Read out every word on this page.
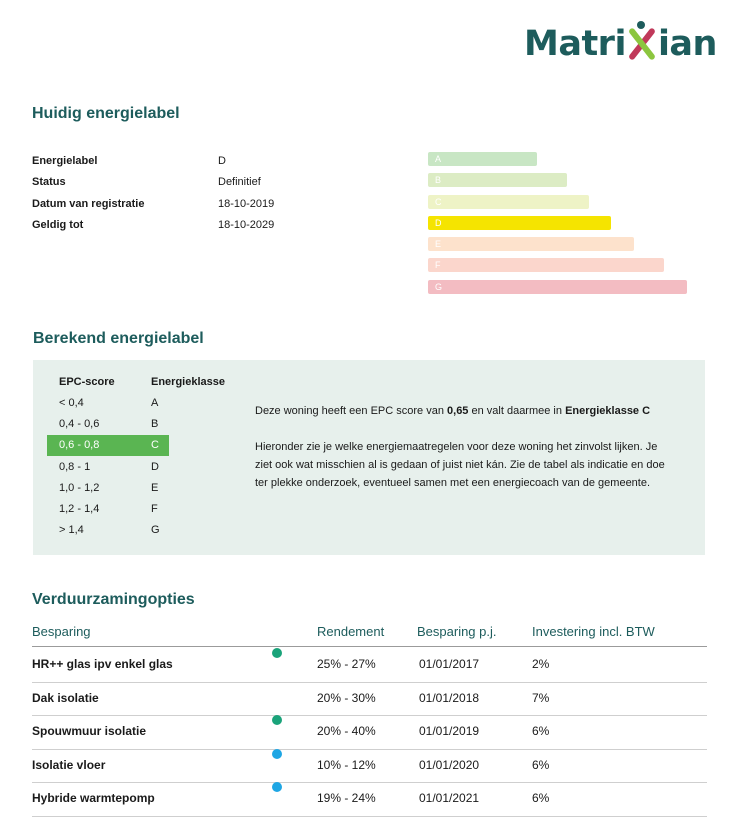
Matri ian
Huidig energielabel
Energielabel	D
Status	Definitief
Datum van registratie	18-10-2019
Geldig tot	18-10-2029
A
B
C
D
E
F
G
Berekend energielabel
EPC-score	Energieklasse
< 0,4	A
0,4 - 0,6	B
0,6 - 0,8	C
0,8 - 1	D
1,0 - 1,2	E
1,2 - 1,4	F
> 1,4	G

Deze woning heeft een EPC score van 0,65 en valt daarmee in Energieklasse C

Hieronder zie je welke energiemaatregelen voor deze woning het zinvolst lijken. Je ziet ook wat misschien al is gedaan of juist niet kán. Zie de tabel als indicatie en doe ter plekke onderzoek, eventueel samen met een energiecoach van de gemeente.

Verduurzamingopties
Besparing	Rendement	Besparing p.j.	Investering incl. BTW
HR++ glas ipv enkel glas	25% - 27%	01/01/2017	2%
Dak isolatie	20% - 30%	01/01/2018	7%
Spouwmuur isolatie	20% - 40%	01/01/2019	6%
Isolatie vloer	10% - 12%	01/01/2020	6%
Hybride warmtepomp	19% - 24%	01/01/2021	6%
